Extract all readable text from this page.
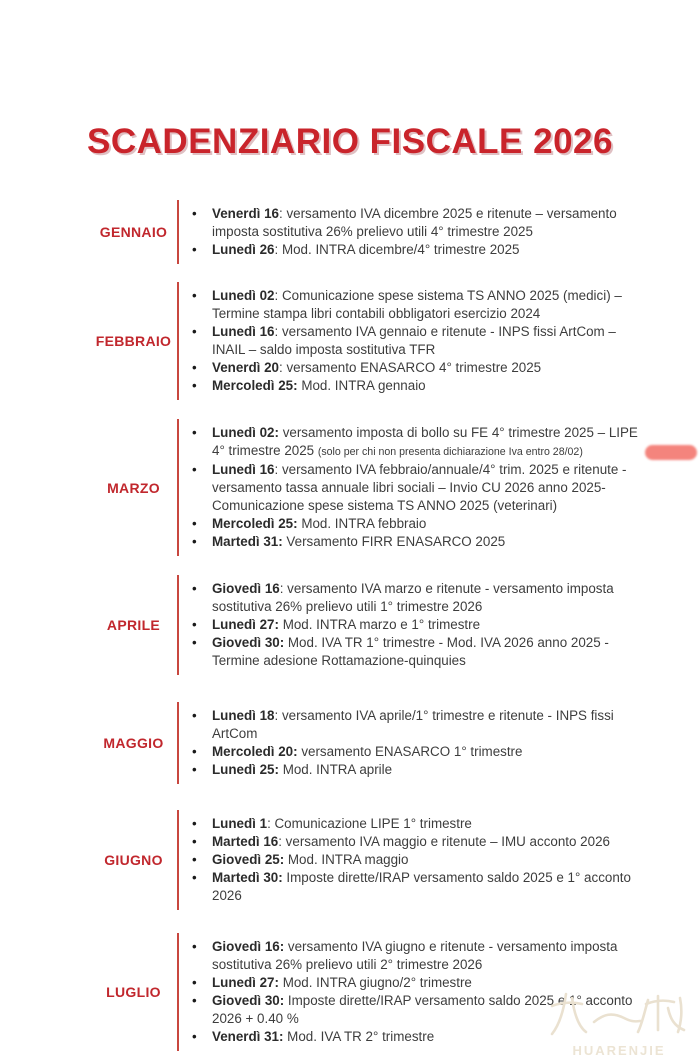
SCADENZIARIO FISCALE 2026
GENNAIO
•	Venerdì 16: versamento IVA dicembre 2025 e ritenute – versamento imposta sostitutiva 26% prelievo utili 4° trimestre 2025
•	Lunedì 26: Mod. INTRA dicembre/4° trimestre 2025
FEBBRAIO
•	Lunedì 02: Comunicazione spese sistema TS ANNO 2025 (medici) – Termine stampa libri contabili obbligatori esercizio 2024
•	Lunedì 16: versamento IVA gennaio e ritenute - INPS fissi ArtCom – INAIL – saldo imposta sostitutiva TFR
•	Venerdì 20: versamento ENASARCO 4° trimestre 2025
•	Mercoledì 25: Mod. INTRA gennaio
MARZO
•	Lunedì 02: versamento imposta di bollo su FE 4° trimestre 2025 – LIPE 4° trimestre 2025 (solo per chi non presenta dichiarazione Iva entro 28/02)
•	Lunedì 16: versamento IVA febbraio/annuale/4° trim. 2025 e ritenute - versamento tassa annuale libri sociali – Invio CU 2026 anno 2025- Comunicazione spese sistema TS ANNO 2025 (veterinari)
•	Mercoledì 25: Mod. INTRA febbraio
•	Martedì 31: Versamento FIRR ENASARCO 2025
APRILE
•	Giovedì 16: versamento IVA marzo e ritenute - versamento imposta sostitutiva 26% prelievo utili 1° trimestre 2026
•	Lunedì 27: Mod. INTRA marzo e 1° trimestre
•	Giovedì 30: Mod. IVA TR 1° trimestre - Mod. IVA 2026 anno 2025 - Termine adesione Rottamazione-quinquies
MAGGIO
•	Lunedì 18: versamento IVA aprile/1° trimestre e ritenute - INPS fissi ArtCom
•	Mercoledì 20: versamento ENASARCO 1° trimestre
•	Lunedì 25: Mod. INTRA aprile
GIUGNO
•	Lunedì 1: Comunicazione LIPE 1° trimestre
•	Martedì 16: versamento IVA maggio e ritenute – IMU acconto 2026
•	Giovedì 25: Mod. INTRA maggio
•	Martedì 30: Imposte dirette/IRAP versamento saldo 2025 e 1° acconto 2026
LUGLIO
•	Giovedì 16: versamento IVA giugno e ritenute - versamento imposta sostitutiva 26% prelievo utili 2° trimestre 2026
•	Lunedì 27: Mod. INTRA giugno/2° trimestre
•	Giovedì 30: Imposte dirette/IRAP versamento saldo 2025 e 1° acconto 2026 + 0.40 %
•	Venerdì 31: Mod. IVA TR 2° trimestre
HUARENJIE
